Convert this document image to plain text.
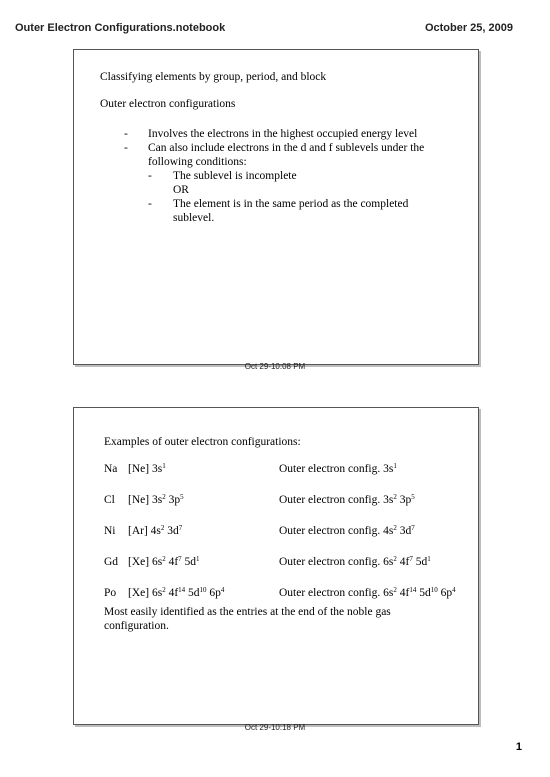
Outer Electron Configurations.notebook	October 25, 2009
Classifying elements by group, period, and block
Outer electron configurations
- Involves the electrons in the highest occupied energy level
- Can also include electrons in the d and f sublevels under the
following conditions:
- The sublevel is incomplete
OR
- The element is in the same period as the completed
sublevel.
Oct 29-10:08 PM
Examples of outer electron configurations:
Na [Ne] $3s^1$	Outer electron config. $3s^1$
Cl [Ne] $3s^2$ $3p^5$	Outer electron config. $3s^2$ $3p^5$
Ni [Ar] $4s^2$ $3d^7$	Outer electron config. $4s^2$ $3d^7$
Gd [Xe] $6s^2$ $4f^7$ $5d^1$	Outer electron config. $6s^2$ $4f^7$ $5d^1$
Po [Xe] $6s^2$ $4f^{14}$ $5d^{10}$ $6p^4$	Outer electron config. $6s^2$ $4f^{14}$ $5d^{10}$ $6p^4$
Most easily identified as the entries at the end of the noble gas
configuration.
Oct 29-10:18 PM
1
